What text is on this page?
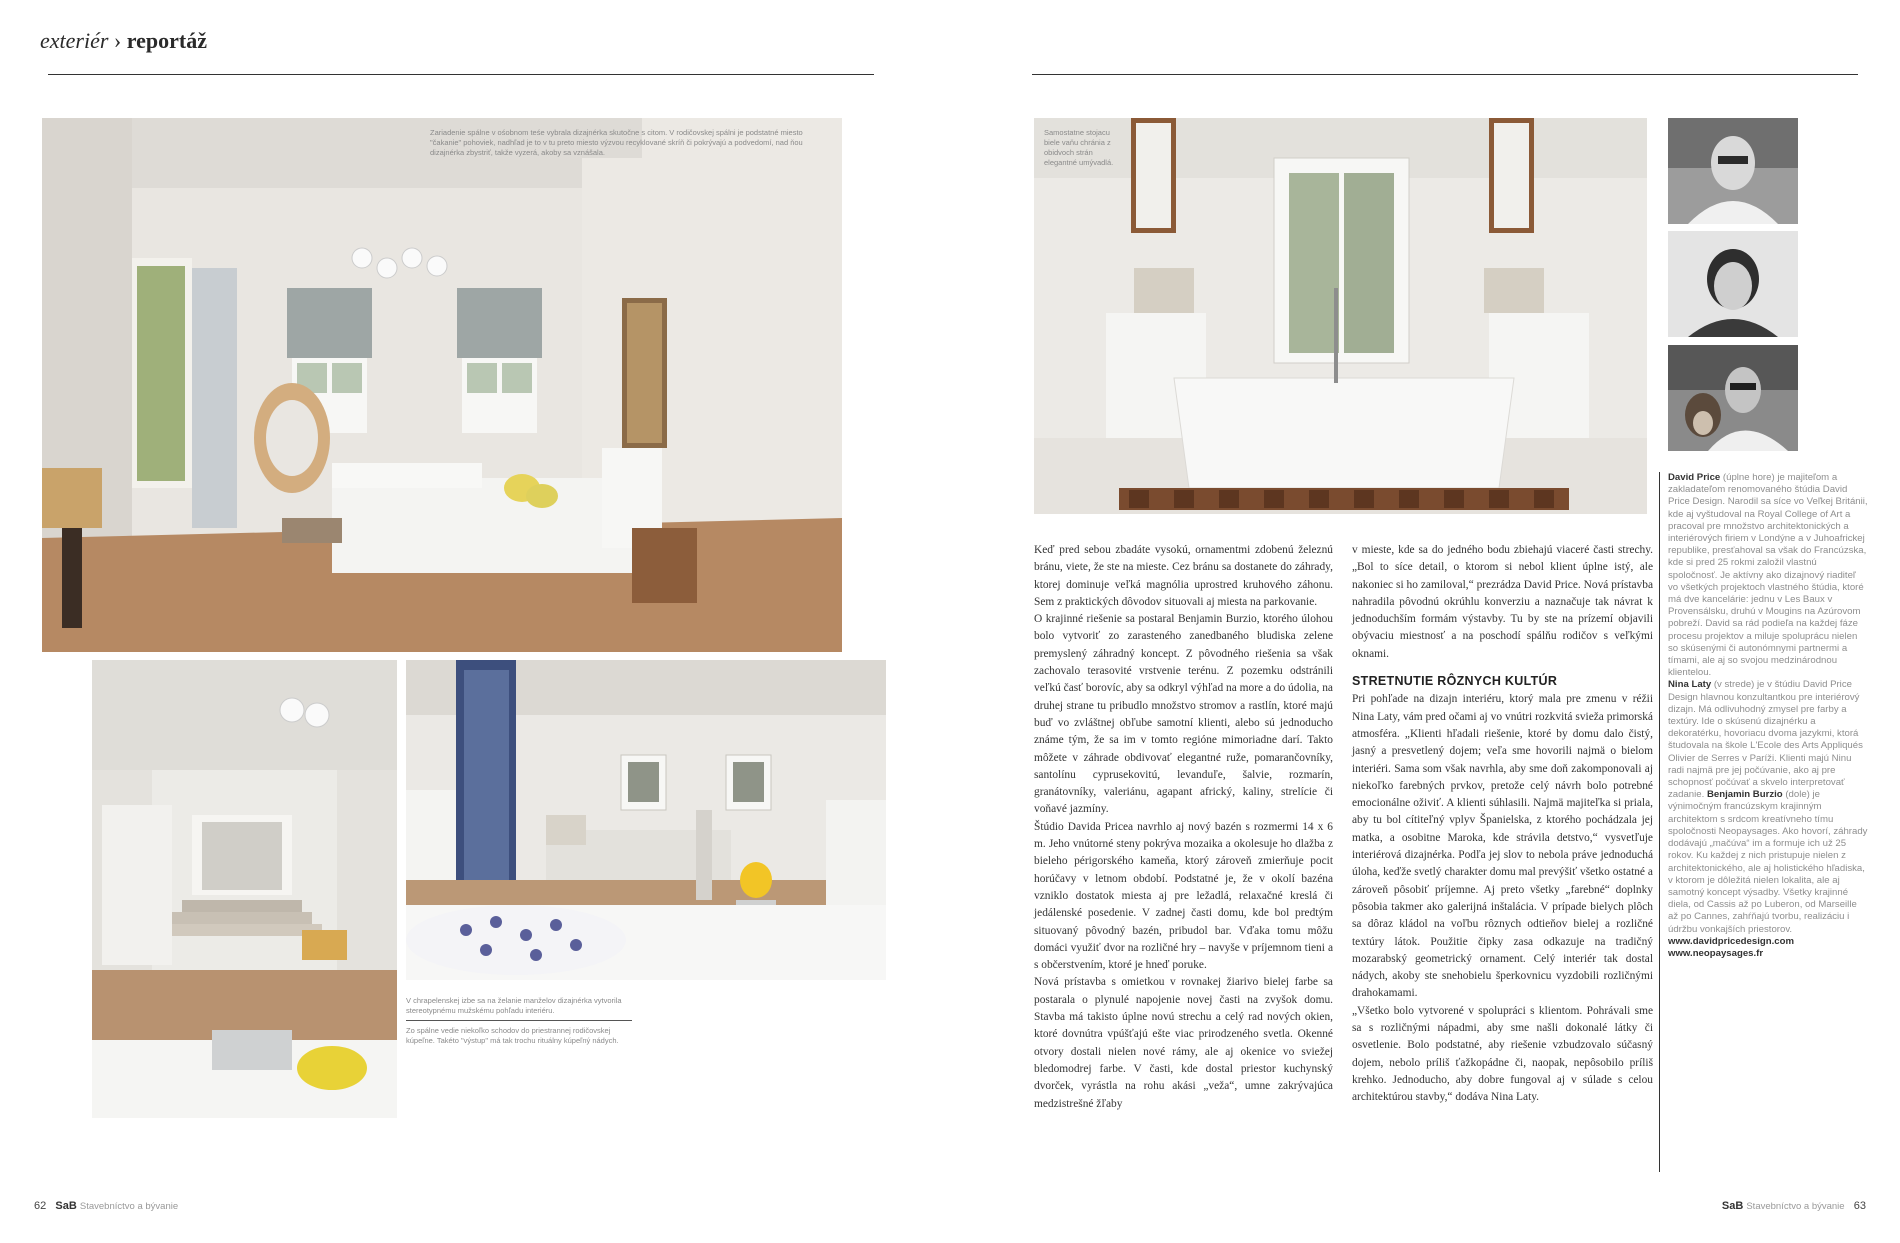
exteriér › reportáž
Zariadenie spálne v ośobnom teśe vybrala dizajnérka skutočne s citom. V rodičovskej spálni je podstatné miesto "čakanie" pohoviek, nadhľad je to v tu preto miesto výzvou recyklované skríň či pokrývajú a podvedomí, nad ňou dizajnérka zbystriť, takže vyzerá, akoby sa vznášala.
V chrapelenskej izbe sa na želanie manželov dizajnérka vytvorila stereotypnému mužskému pohľadu interiéru.
Zo spálne vedie niekoľko schodov do priestrannej rodičovskej kúpeľne. Takéto "výstup" má tak trochu rituálny kúpeľný nádych.
Samostatne stojacu biele vaňu chránia z obidvoch strán elegantné umývadlá.

Keď pred sebou zbadáte vysokú, ornamentmi zdobenú železnú bránu, viete, že ste na mieste. Cez bránu sa dostanete do záhrady, ktorej dominuje veľká magnólia uprostred kruhového záhonu. Sem z praktických dôvodov situovali aj miesta na parkovanie.

O krajinné riešenie sa postaral Benjamin Burzio, ktorého úlohou bolo vytvoriť zo zarasteného zanedbaného bludiska zelene premyslený záhradný koncept. Z pôvodného riešenia sa však zachovalo terasovité vrstvenie terénu. Z pozemku odstránili veľkú časť borovíc, aby sa odkryl výhľad na more a do údolia, na druhej strane tu pribudlo množstvo stromov a rastlín, ktoré majú buď vo zvláštnej obľube samotní klienti, alebo sú jednoducho známe tým, že sa im v tomto regióne mimoriadne darí. Takto môžete v záhrade obdivovať elegantné ruže, pomarančovníky, santolínu cyprusekovitú, levanduľe, šalvie, rozmarín, granátovníky, valeriánu, agapant africký, kaliny, strelície či voňavé jazmíny.

Štúdio Davida Pricea navrhlo aj nový bazén s rozmermi 14 x 6 m. Jeho vnútorné steny pokrýva mozaika a okolesuje ho dlažba z bieleho périgorského kameňa, ktorý zároveň zmierňuje pocit horúčavy v letnom období. Podstatné je, že v okolí bazéna vzniklo dostatok miesta aj pre ležadlá, relaxačné kreslá či jedálenské posedenie. V zadnej časti domu, kde bol predtým situovaný pôvodný bazén, pribudol bar. Vďaka tomu môžu domáci využiť dvor na rozličné hry – navyše v príjemnom tieni a s občerstvením, ktoré je hneď poruke.

Nová prístavba s omietkou v rovnakej žiarivo bielej farbe sa postarala o plynulé napojenie novej časti na zvyšok domu. Stavba má takisto úplne novú strechu a celý rad nových okien, ktoré dovnútra vpúšťajú ešte viac prirodzeného svetla. Okenné otvory dostali nielen nové rámy, ale aj okenice vo sviežej bledomodrej farbe. V časti, kde dostal priestor kuchynský dvorček, vyrástla na rohu akási „veža“, umne zakrývajúca medzistrešné žľaby

v mieste, kde sa do jedného bodu zbiehajú viaceré časti strechy. „Bol to síce detail, o ktorom si nebol klient úplne istý, ale nakoniec si ho zamiloval,“ prezrádza David Price. Nová prístavba nahradila pôvodnú okrúhlu konverziu a naznačuje tak návrat k jednoduchším formám výstavby. Tu by ste na prízemí objavili obývaciu miestnosť a na poschodí spálňu rodičov s veľkými oknami.

STRETNUTIE RÔZNYCH KULTÚR

Pri pohľade na dizajn interiéru, ktorý mala pre zmenu v réžii Nina Laty, vám pred očami aj vo vnútri rozkvitá svieža primorská atmosféra. „Klienti hľadali riešenie, ktoré by domu dalo čistý, jasný a presvetlený dojem; veľa sme hovorili najmä o bielom interiéri. Sama som však navrhla, aby sme doň zakomponovali aj niekoľko farebných prvkov, pretože celý návrh bolo potrebné emocionálne oživiť. A klienti súhlasili. Najmä majiteľka si priala, aby tu bol cítiteľný vplyv Španielska, z ktorého pochádzala jej matka, a osobitne Maroka, kde strávila detstvo,“ vysvetľuje interiérová dizajnérka. Podľa jej slov to nebola práve jednoduchá úloha, keďže svetlý charakter domu mal prevýšiť všetko ostatné a zároveň pôsobiť príjemne. Aj preto všetky „farebné“ doplnky pôsobia takmer ako galerijná inštalácia. V prípade bielych plôch sa dôraz kládol na voľbu rôznych odtieňov bielej a rozličné textúry látok. Použitie čipky zasa odkazuje na tradičný mozarabský geometrický ornament. Celý interiér tak dostal nádych, akoby ste snehobielu šperkovnicu vyzdobili rozličnými drahokamami.

„Všetko bolo vytvorené v spolupráci s klientom. Pohrávali sme sa s rozličnými nápadmi, aby sme našli dokonalé látky či osvetlenie. Bolo podstatné, aby riešenie vzbudzovalo súčasný dojem, nebolo príliš ťažkopádne či, naopak, nepôsobilo príliš krehko. Jednoducho, aby dobre fungoval aj v súlade s celou architektúrou stavby,“ dodáva Nina Laty.

David Price (úplne hore) je majiteľom a zakladateľom renomovaného štúdia David Price Design. Narodil sa síce vo Veľkej Británii, kde aj vyštudoval na Royal College of Art a pracoval pre množstvo architektonických a interiérových firiem v Londýne a v Juhoafrickej republike, presťahoval sa však do Francúzska, kde si pred 25 rokmi založil vlastnú spoločnosť. Je aktívny ako dizajnový riaditeľ vo všetkých projektoch vlastného štúdia, ktoré má dve kancelárie: jednu v Les Baux v Provensálsku, druhú v Mougins na Azúrovom pobreží. David sa rád podieľa na každej fáze procesu projektov a miluje spoluprácu nielen so skúsenými či autonómnymi partnermi a tímami, ale aj so svojou medzinárodnou klientelou.
Nina Laty (v strede) je v štúdiu David Price Design hlavnou konzultantkou pre interiérový dizajn. Má odlivuhodný zmysel pre farby a textúry. Ide o skúsenú dizajnérku a dekoratérku, hovoriacu dvoma jazykmi, ktorá študovala na škole L'Ecole des Arts Appliqués Olivier de Serres v Paríži. Klienti majú Ninu radi najmä pre jej počúvanie, ako aj pre schopnosť počúvať a skvelo interpretovať zadanie. Benjamin Burzio (dole) je výnimočným francúzskym krajinným architektom s srdcom kreatívneho tímu spoločnosti Neopaysages. Ako hovorí, záhrady dodávajú „mačúva“ im a formuje ich už 25 rokov. Ku každej z nich pristupuje nielen z architektonického, ale aj holistického hľadiska, v ktorom je dôležitá nielen lokalita, ale aj samotný koncept výsadby. Všetky krajinné diela, od Cassis až po Luberon, od Marseille až po Cannes, zahŕňajú tvorbu, realizáciu i údržbu vonkajších priestorov. www.davidpricedesign.com
www.neopaysages.fr
62 SaB Stavebníctvo a bývanie	SaB Stavebníctvo a bývanie 63
